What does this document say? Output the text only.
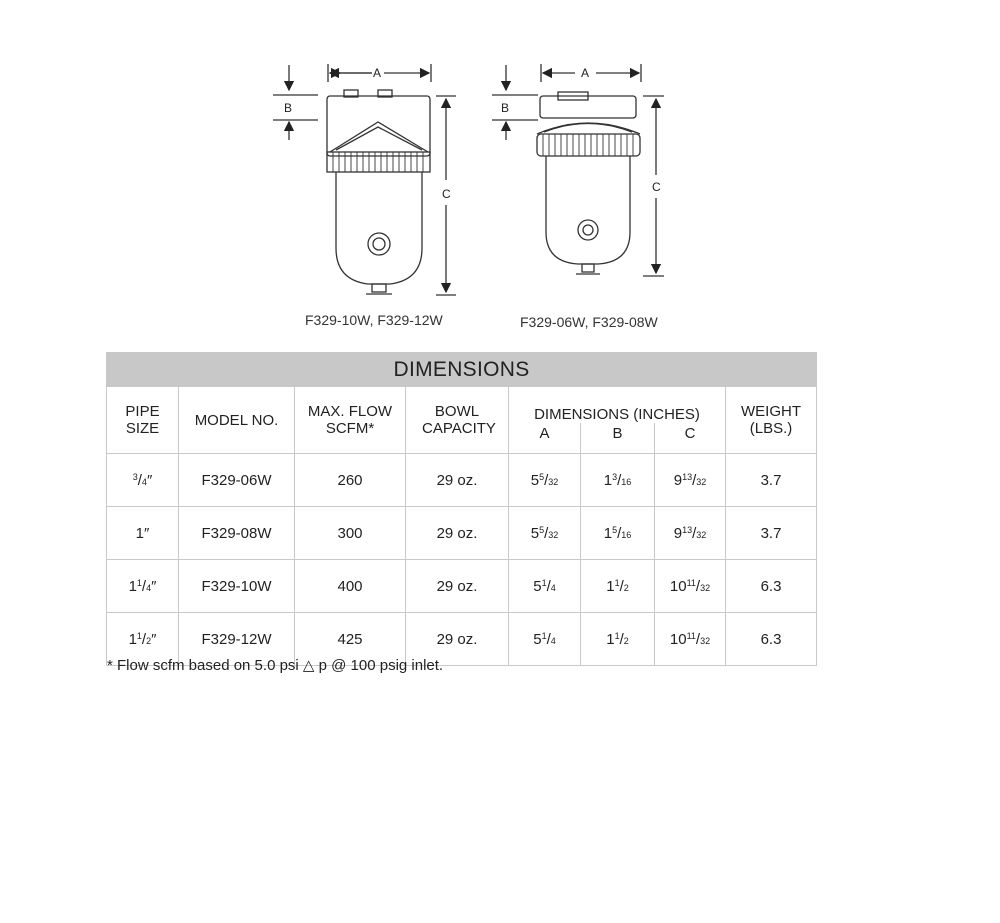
A
B
C
A
B
C
F329-10W, F329-12W	F329-06W, F329-08W
DIMENSIONS							
PIPE SIZE	MODEL NO.	MAX. FLOW SCFM*	BOWL CAPACITY	DIMENSIONS (INCHES)			WEIGHT (LBS.)
				A	B	C	
$^3$/4″	F329-06W	260	29 oz.	$5^5/32$	$1^3/16$	$9^{13}/32$	3.7
1″	F329-08W	300	29 oz.	$5^5/32$	$1^5/16$	$9^{13}/32$	3.7
$1^1/4''$	F329-10W	400	29 oz.	$5^1/4$	$1^1/2$	$10^{11}/32$	6.3
$1^1/2''$	F329-12W	425	29 oz.	$5^1/4$	$1^1/2$	$10^{11}/32$	6.3
* Flow scfm based on 5.0 psi △ p @ 100 psig inlet.
